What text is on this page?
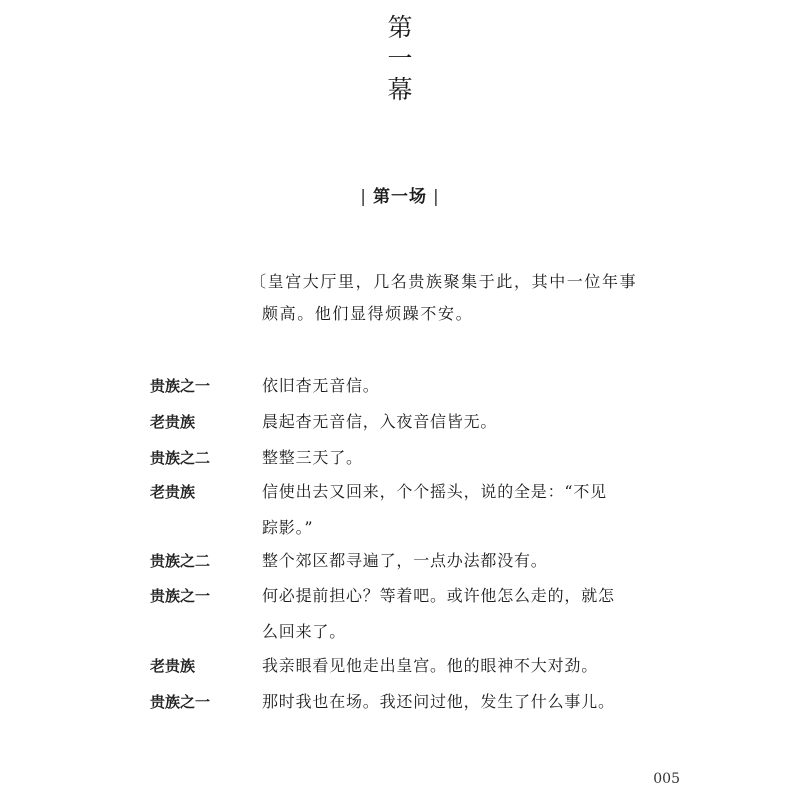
第
一
幕
| 第一场 |
〔皇宫大厅里，几名贵族聚集于此，其中一位年事
颇高。他们显得烦躁不安。
贵族之一	依旧杳无音信。
老贵族	晨起杳无音信，入夜音信皆无。
贵族之二	整整三天了。
老贵族	信使出去又回来，个个摇头，说的全是：“不见
踪影。”
贵族之二	整个郊区都寻遍了，一点办法都没有。
贵族之一	何必提前担心？等着吧。或许他怎么走的，就怎
么回来了。
老贵族	我亲眼看见他走出皇宫。他的眼神不大对劲。
贵族之一	那时我也在场。我还问过他，发生了什么事儿。
005
